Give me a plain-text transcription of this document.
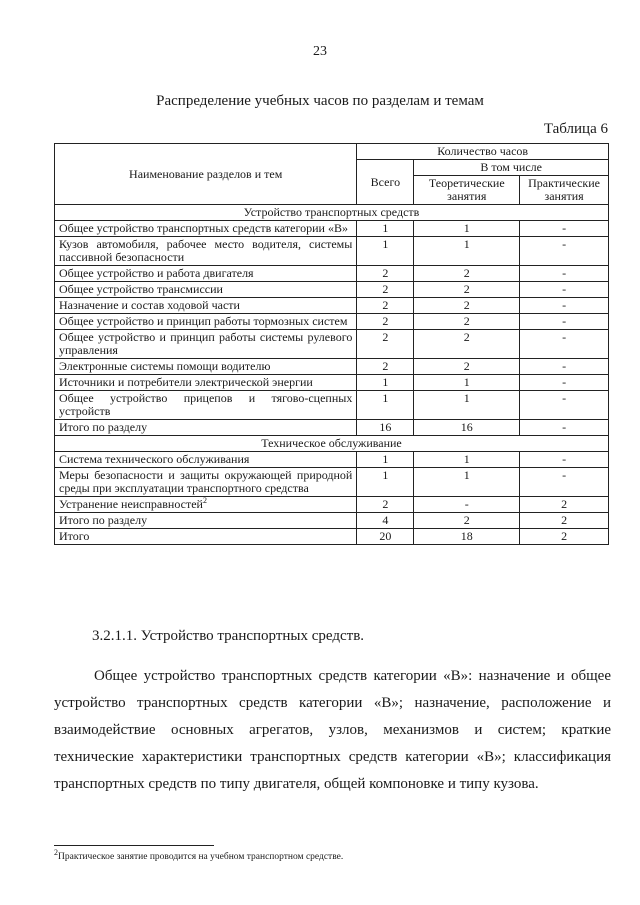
23
Распределение учебных часов по разделам и темам
Таблица 6
Наименование разделов и тем	Количество часов		
	Всего	В том числе	
		Теоретические занятия	Практические занятия
Устройство транспортных средств			
Общее устройство транспортных средств категории «В»	1	1	-
Кузов автомобиля, рабочее место водителя, системы пассивной безопасности	1	1	-
Общее устройство и работа двигателя	2	2	-
Общее устройство трансмиссии	2	2	-
Назначение и состав ходовой части	2	2	-
Общее устройство и принцип работы тормозных систем	2	2	-
Общее устройство и принцип работы системы рулевого управления	2	2	-
Электронные системы помощи водителю	2	2	-
Источники и потребители электрической энергии	1	1	-
Общее устройство прицепов и тягово-сцепных устройств	1	1	-
Итого по разделу	16	16	-
Техническое обслуживание			
Система технического обслуживания	1	1	-
Меры безопасности и защиты окружающей природной среды при эксплуатации транспортного средства	1	1	-
Устранение неисправностей$^2$	2	-	2
Итого по разделу	4	2	2
Итого	20	18	2
3.2.1.1. Устройство транспортных средств.

Общее устройство транспортных средств категории «В»: назначение и общее устройство транспортных средств категории «В»; назначение, расположение и взаимодействие основных агрегатов, узлов, механизмов и систем; краткие технические характеристики транспортных средств категории «В»; классификация транспортных средств по типу двигателя, общей компоновке и типу кузова.

$^2$Практическое занятие проводится на учебном транспортном средстве.
